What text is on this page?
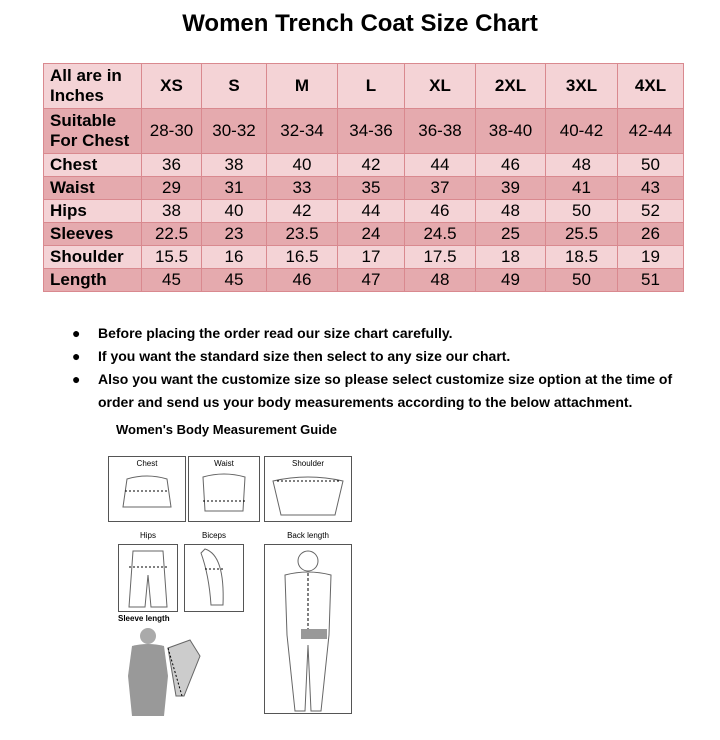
Women Trench Coat Size Chart
All are in Inches	XS	S	M	L	XL	2XL	3XL	4XL
Suitable For Chest	28-30	30-32	32-34	34-36	36-38	38-40	40-42	42-44
Chest	36	38	40	42	44	46	48	50
Waist	29	31	33	35	37	39	41	43
Hips	38	40	42	44	46	48	50	52
Sleeves	22.5	23	23.5	24	24.5	25	25.5	26
Shoulder	15.5	16	16.5	17	17.5	18	18.5	19
Length	45	45	46	47	48	49	50	51
● Before placing the order read our size chart carefully.
● If you want the standard size then select to any size our chart.
● Also you want the customize size so please select customize size option at the time of order and send us your body measurements according to the below attachment.
Women's Body Measurement Guide
Chest	Waist	Shoulder
Hips	Biceps	Back length
Sleeve length
